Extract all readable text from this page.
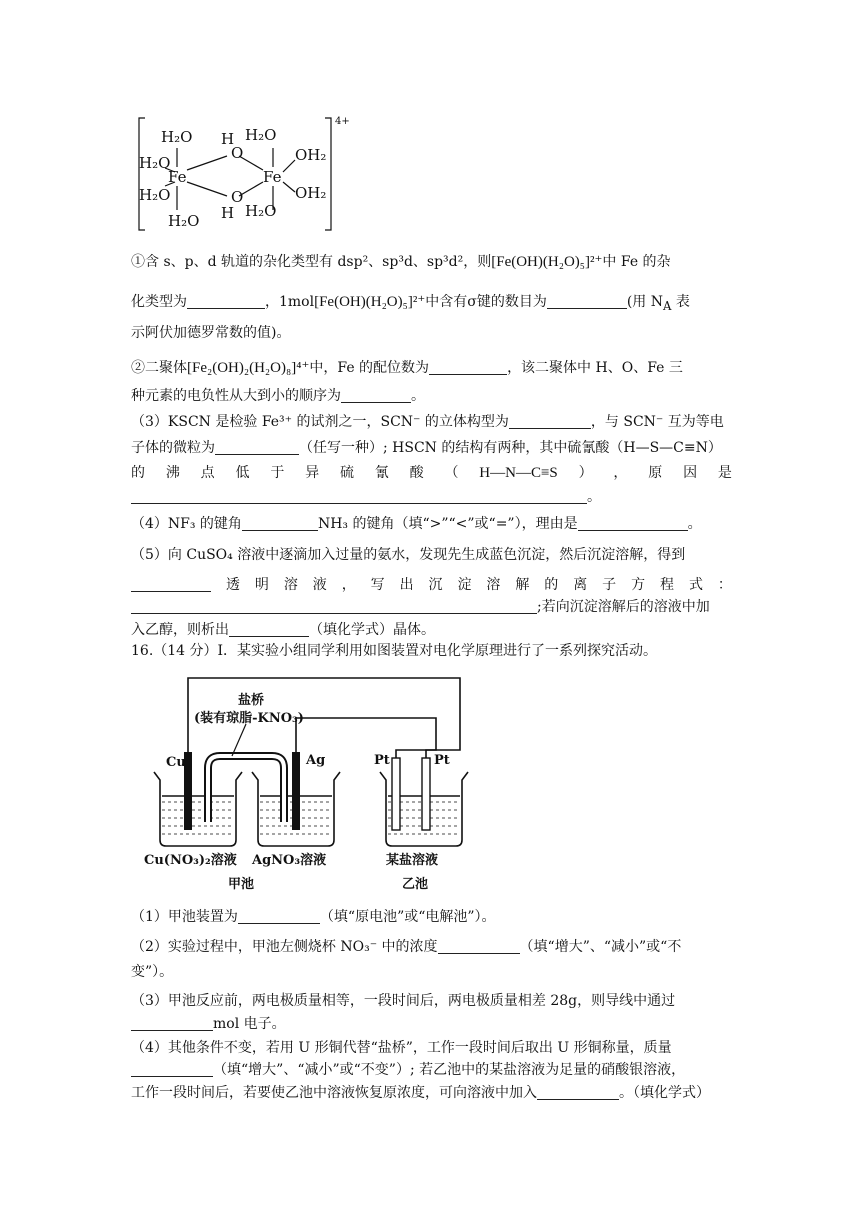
H₂O
H₂O
Fe
H₂O
H₂O
H
O
H₂O
O
H H₂O
Fe
OH₂
OH₂
4+
①含 s、p、d 轨道的杂化类型有 dsp²、sp³d、sp³d²，则[Fe(OH)(H₂O)₅]²⁺中 Fe 的杂
化类型为	，1mol[Fe(OH)(H₂O)₅]²⁺中含有σ键的数目为	(用 $N_A$ 表
示阿伏加德罗常数的值)。
②二聚体[Fe₂(OH)₂(H₂O)₈]⁴⁺中，Fe 的配位数为	，该二聚体中 H、O、Fe 三
种元素的电负性从大到小的顺序为	。
（3）KSCN 是检验 Fe³⁺ 的试剂之一，SCN⁻ 的立体构型为	，与 SCN⁻ 互为等电
子体的微粒为	（任写一种）; HSCN 的结构有两种，其中硫氰酸（H—S—C≡N）
的 沸 点 低 于 异 硫 氰 酸 （ H—N—C≡S ） ， 原 因 是
。
（4）NF₃ 的键角	NH₃ 的键角（填“>”“<”或“=”），理由是	。
（5）向 CuSO₄ 溶液中逐滴加入过量的氨水，发现先生成蓝色沉淀，然后沉淀溶解，得到
透 明 溶 液 ， 写 出 沉 淀 溶 解 的 离 子 方 程 式 ：
;若向沉淀溶解后的溶液中加
入乙醇，则析出	（填化学式）晶体。
16.（14 分）Ⅰ．某实验小组同学利用如图装置对电化学原理进行了一系列探究活动。
盐桥
(装有琼脂-KNO₃)
Cu	Ag	Pt	Pt
Cu(NO₃)₂溶液 AgNO₃溶液	某盐溶液
甲池	乙池
（1）甲池装置为	（填“原电池”或“电解池”）。
（2）实验过程中，甲池左侧烧杯 NO₃⁻ 中的浓度	（填“增大”、“减小”或“不
变”）。
（3）甲池反应前，两电极质量相等，一段时间后，两电极质量相差 28g，则导线中通过
mol 电子。
（4）其他条件不变，若用 U 形铜代替“盐桥”，工作一段时间后取出 U 形铜称量，质量
（填“增大”、“减小”或“不变”）; 若乙池中的某盐溶液为足量的硝酸银溶液，
工作一段时间后，若要使乙池中溶液恢复原浓度，可向溶液中加入	。（填化学式）
